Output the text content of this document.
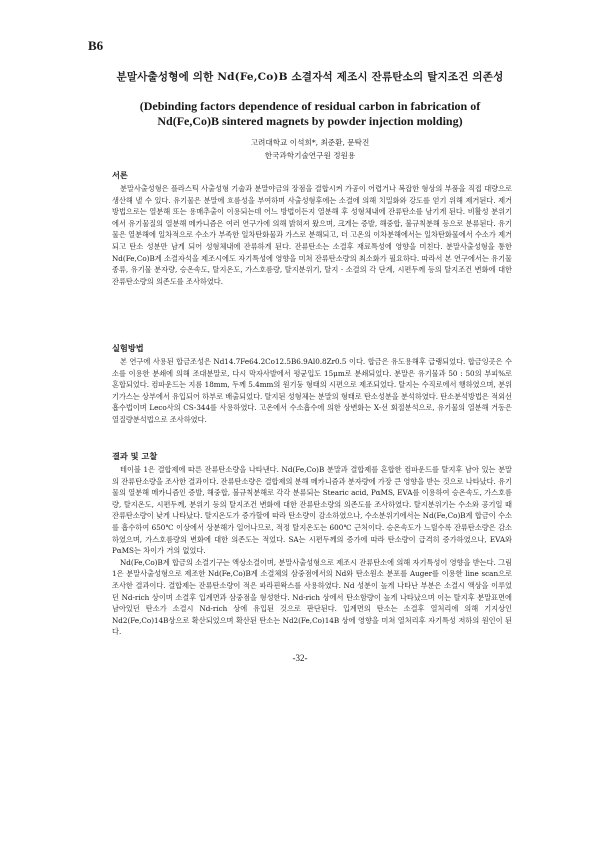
B6
분말사출성형에 의한 Nd(Fe,Co)B 소결자석 제조시 잔류탄소의 탈지조건 의존성
(Debinding factors dependence of residual carbon in fabrication of
Nd(Fe,Co)B sintered magnets by powder injection molding)
고려대학교 이석희*, 최준환, 문탁진
한국과학기술연구원 정원용
서론

분말사출성형은 플라스틱 사출성형 기술과 분말야금의 장점을 결합시켜 가공이 어렵거나 복잡한 형상의 부품을 직접 대량으로 생산해 낼 수 있다. 유기물은 분말에 흐름성을 부여하며 사출성형후에는 소결에 의해 치밀화와 강도를 얻기 위해 제거된다. 제거방법으로는 열분해 또는 용매추출이 이용되는데 어느 방법이든지 열분해 후 성형체내에 잔류탄소를 남기게 된다. 비활성 분위기에서 유기물질의 열분해 메카니즘은 여러 연구가에 의해 밝혀져 왔으며, 크게는 증발, 해중합, 불규칙분해 등으로 분류된다. 유기물은 열분해에 일차적으로 수소가 부족한 일차탄화물과 가스로 분해되고, 더 고온의 이차분해에서는 일차탄화물에서 수소가 제거되고 탄소 성분만 남게 되어 성형체내에 잔류하게 된다. 잔류탄소는 소결후 재료특성에 영향을 미친다. 분말사출성형을 통한 Nd(Fe,Co)B계 소결자석을 제조시에도 자기특성에 영향을 미쳐 잔류탄소량의 최소화가 필요하다. 따라서 본 연구에서는 유기물 종류, 유기물 분자량, 승온속도, 탈지온도, 가스호름량, 탈지분위기, 탈지 · 소결의 각 단계, 시편두께 등의 탈지조건 변화에 대한 잔류탄소량의 의존도를 조사하였다.

실험방법

본 연구에 사용된 합금조성은 Nd14.7Fe64.2Co12.5B6.9Al0.8Zr0.5 이다. 합금은 유도용해후 급랭되었다. 합금잉곳은 수소를 이용한 분쇄에 의해 조대분말로, 다시 막자사발에서 평균입도 15μm로 분쇄되었다. 분말은 유기물과 50 : 50의 부피%로 혼합되었다. 컴파운드는 지름 18mm, 두께 5.4mm의 원기둥 형태의 시편으로 제조되었다. 탈지는 수직로에서 행하였으며, 분위기가스는 상부에서 유입되어 하부로 배출되었다. 탈지된 성형체는 분말의 형태로 탄소성분을 분석하였다. 탄소분석방법은 적외선 흡수법이며 Leco사의 CS-344를 사용하였다. 고온에서 수소흡수에 의한 상변화는 X-선 회절분석으로, 유기물의 열분해 거동은 열질량분석법으로 조사하였다.

결과 및 고찰

테이블 1은 결합제에 따른 잔류탄소량을 나타낸다. Nd(Fe,Co)B 분말과 결합제를 혼합한 컴파운드를 탈지후 남아 있는 분말의 잔류탄소량을 조사한 결과이다. 잔류탄소량은 결합제의 분해 메카니즘과 분자량에 가장 큰 영향을 받는 것으로 나타났다. 유기물의 열분해 메카니즘인 증발, 해중합, 불규칙분해로 각각 분류되는 Stearic acid, PαMS, EVA를 이용하여 승온속도, 가스호름량, 탈지온도, 시편두께, 분위기 등의 탈지조건 변화에 대한 잔류탄소량의 의존도를 조사하였다. 탈지분위기는 수소와 공기일 때 잔류탄소량이 낮게 나타났다. 탈지온도가 증가할에 따라 탄소량이 감소하였으나, 수소분위기에서는 Nd(Fe,Co)B계 합금이 수소를 흡수하여 650℃ 이상에서 상분해가 일어나므로, 적정 탈지온도는 600℃ 근처이다. 승온속도가 느릴수록 잔류탄소량은 감소하였으며, 가스호름량의 변화에 대한 의존도는 적었다. SA는 시편두께의 증가에 따라 탄소량이 급격히 증가하였으나, EVA와 PαMS는 차이가 거의 없었다.

Nd(Fe,Co)B계 합금의 소결기구는 액상소결이며, 분말사출성형으로 제조시 잔류탄소에 의해 자기특성이 영향을 받는다. 그림 1은 분말사출성형으로 제조한 Nd(Fe,Co)B계 소결체의 삼중점에서의 Nd와 탄소원소 분포를 Auger를 이용한 line scan으로 조사한 결과이다. 결합제는 잔류탄소량이 적은 파라핀왁스를 사용하였다. Nd 성분이 높게 나타난 부분은 소결시 액상을 이루었던 Nd-rich 상이며 소결후 입계면과 삼중점을 형성한다. Nd-rich 상에서 탄소함량이 높게 나타났으며 이는 탈지후 분말표면에 남아있던 탄소가 소결시 Nd-rich 상에 유입된 것으로 판단된다. 입계면의 탄소는 소결후 열처리에 의해 기지상인 Nd2(Fe,Co)14B상으로 확산되었으며 확산된 탄소는 Nd2(Fe,Co)14B 상에 영향을 미쳐 열처리후 자기특성 저하의 원인이 된다.

-32-
